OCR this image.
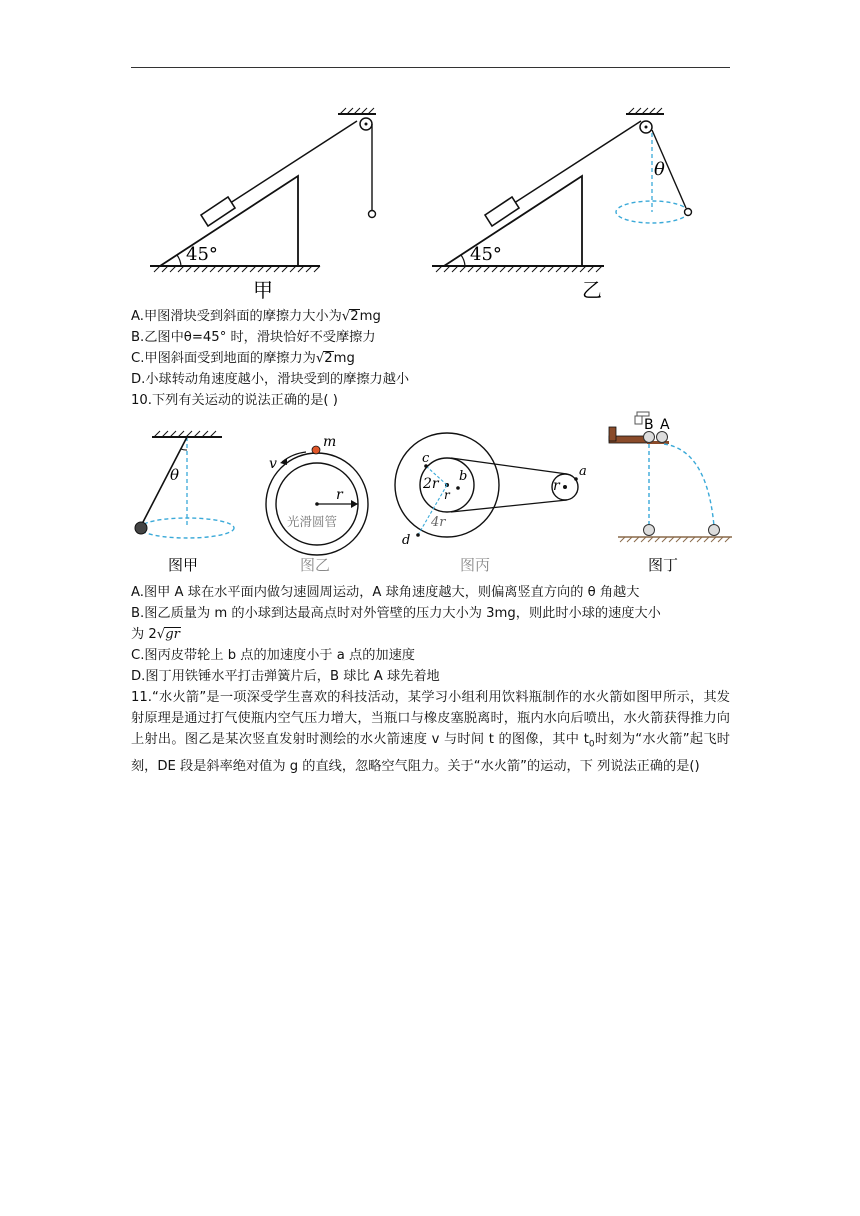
45°
甲
θ
45°
乙
A.甲图滑块受到斜面的摩擦力大小为√2mg
B.乙图中θ=45° 时，滑块恰好不受摩擦力
C.甲图斜面受到地面的摩擦力为√2mg
D.小球转动角速度越小，滑块受到的摩擦力越小
10.下列有关运动的说法正确的是( )
θ
图甲
v
m
r
光滑圆管
图乙
c
b
2r
r
4r
d
r
a
图丙
B A
图丁
A.图甲 A 球在水平面内做匀速圆周运动，A 球角速度越大，则偏离竖直方向的 θ 角越大
B.图乙质量为 m 的小球到达最高点时对外管壁的压力大小为 3mg，则此时小球的速度大小
为 2√gr
C.图丙皮带轮上 b 点的加速度小于 a 点的加速度
D.图丁用铁锤水平打击弹簧片后，B 球比 A 球先着地
11.“水火箭”是一项深受学生喜欢的科技活动，某学习小组利用饮料瓶制作的水火箭如图甲所示，其发射原理是通过打气使瓶内空气压力增大，当瓶口与橡皮塞脱离时，瓶内水向后喷出，水火箭获得推力向上射出。图乙是某次竖直发射时测绘的水火箭速度 v 与时间 t 的图像，其中 $t_0$时刻为“水火箭”起飞时刻，DE 段是斜率绝对值为 g 的直线，忽略空气阻力。关于“水火箭”的运动，下 列说法正确的是()
